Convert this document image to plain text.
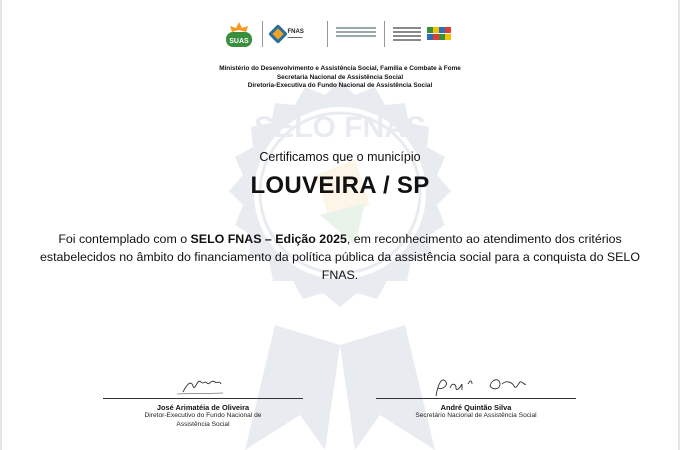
SELO FNAS
SUAS
FNAS
▬▬▬▬▬
Ministério do Desenvolvimento e Assistência Social, Família e Combate à Fome
Secretaria Nacional de Assistência Social
Diretoria-Executiva do Fundo Nacional de Assistência Social
Certificamos que o município
LOUVEIRA / SP
Foi contemplado com o SELO FNAS – Edição 2025, em reconhecimento ao atendimento dos critérios estabelecidos no âmbito do financiamento da política pública da assistência social para a conquista do SELO FNAS.
José Arimatéia de Oliveira
Diretor-Executivo do Fundo Nacional de
Assistência Social
André Quintão Silva
Secretário Nacional de Assistência Social
